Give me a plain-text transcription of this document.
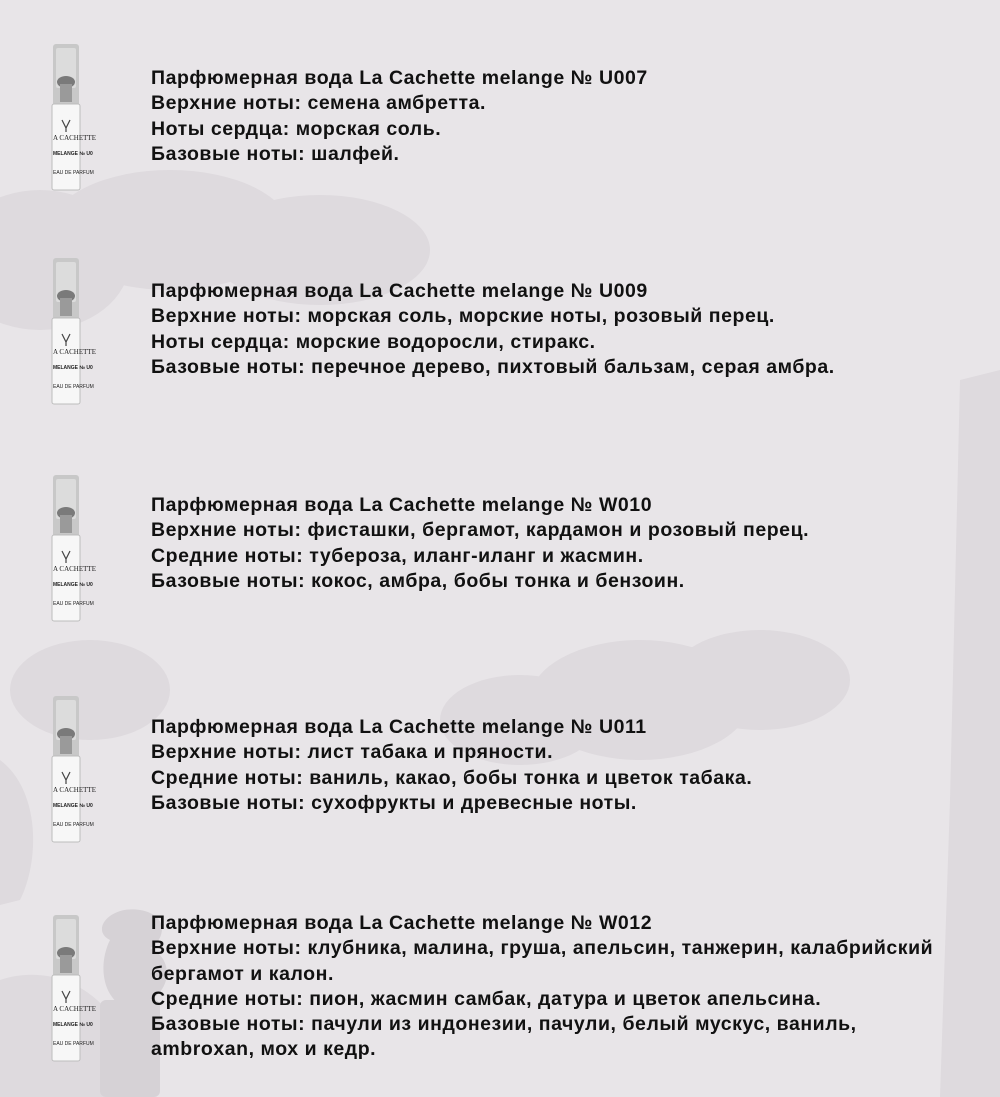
A CACHETTE
MELANGE № U0
EAU DE PARFUM
Парфюмерная вода La Cachette melange № U007
Верхние ноты: семена амбретта.
Ноты сердца: морская соль.
Базовые ноты: шалфей.
A CACHETTE
MELANGE № U0
EAU DE PARFUM
Парфюмерная вода La Cachette melange № U009
Верхние ноты: морская соль, морские ноты, розовый перец.
Ноты сердца: морские водоросли, стиракс.
Базовые ноты: перечное дерево, пихтовый бальзам, серая амбра.
A CACHETTE
MELANGE № U0
EAU DE PARFUM
Парфюмерная вода La Cachette melange № W010
Верхние ноты: фисташки, бергамот, кардамон и розовый перец.
Средние ноты: тубероза, иланг-иланг и жасмин.
Базовые ноты: кокос, амбра, бобы тонка и бензоин.
A CACHETTE
MELANGE № U0
EAU DE PARFUM
Парфюмерная вода La Cachette melange № U011
Верхние ноты: лист табака и пряности.
Средние ноты: ваниль, какао, бобы тонка и цветок табака.
Базовые ноты: сухофрукты и древесные ноты.
A CACHETTE
MELANGE № U0
EAU DE PARFUM
Парфюмерная вода La Cachette melange № W012
Верхние ноты: клубника, малина, груша, апельсин, танжерин, калабрийский бергамот и калон.
Средние ноты: пион, жасмин самбак, датура и цветок апельсина.
Базовые ноты: пачули из индонезии, пачули, белый мускус, ваниль, ambroxan, мох и кедр.
